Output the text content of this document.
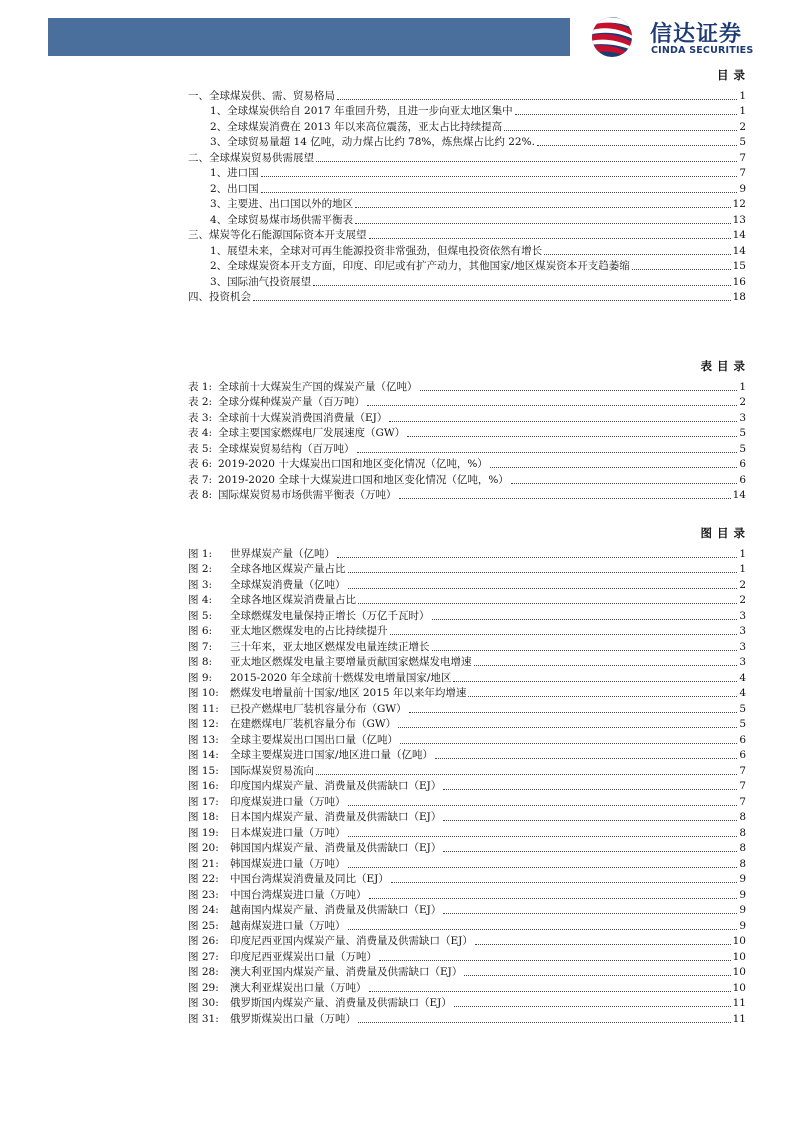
信达证券
CINDA SECURITIES
目录
一、全球煤炭供、需、贸易格局	1
1、全球煤炭供给自 2017 年重回升势，且进一步向亚太地区集中	1
2、全球煤炭消费在 2013 年以来高位震荡，亚太占比持续提高	2
3、全球贸易量超 14 亿吨，动力煤占比约 78%，炼焦煤占比约 22%.	5
二、全球煤炭贸易供需展望	7
1、进口国	7
2、出口国	9
3、主要进、出口国以外的地区	12
4、全球贸易煤市场供需平衡表	13
三、煤炭等化石能源国际资本开支展望	14
1、展望未来，全球对可再生能源投资非常强劲，但煤电投资依然有增长	14
2、全球煤炭资本开支方面，印度、印尼或有扩产动力，其他国家/地区煤炭资本开支趋萎缩	15
3、国际油气投资展望	16
四、投资机会	18
表目录
表 1: 全球前十大煤炭生产国的煤炭产量（亿吨）	1
表 2: 全球分煤种煤炭产量（百万吨）	2
表 3: 全球前十大煤炭消费国消费量（EJ）	3
表 4: 全球主要国家燃煤电厂发展速度（GW）	5
表 5: 全球煤炭贸易结构（百万吨）	5
表 6: 2019-2020 十大煤炭出口国和地区变化情况（亿吨，%）	6
表 7: 2019-2020 全球十大煤炭进口国和地区变化情况（亿吨，%）	6
表 8: 国际煤炭贸易市场供需平衡表（万吨）	14
图目录
图 1: 世界煤炭产量（亿吨）	1
图 2: 全球各地区煤炭产量占比	1
图 3: 全球煤炭消费量（亿吨）	2
图 4: 全球各地区煤炭消费量占比	2
图 5: 全球燃煤发电量保持正增长（万亿千瓦时）	3
图 6: 亚太地区燃煤发电的占比持续提升	3
图 7: 三十年来，亚太地区燃煤发电量连续正增长	3
图 8: 亚太地区燃煤发电量主要增量贡献国家燃煤发电增速	3
图 9: 2015-2020 年全球前十燃煤发电增量国家/地区	4
图 10: 燃煤发电增量前十国家/地区 2015 年以来年均增速	4
图 11: 已投产燃煤电厂装机容量分布（GW）	5
图 12: 在建燃煤电厂装机容量分布（GW）	5
图 13: 全球主要煤炭出口国出口量（亿吨）	6
图 14: 全球主要煤炭进口国家/地区进口量（亿吨）	6
图 15: 国际煤炭贸易流向	7
图 16: 印度国内煤炭产量、消费量及供需缺口（EJ）	7
图 17: 印度煤炭进口量（万吨）	7
图 18: 日本国内煤炭产量、消费量及供需缺口（EJ）	8
图 19: 日本煤炭进口量（万吨）	8
图 20: 韩国国内煤炭产量、消费量及供需缺口（EJ）	8
图 21: 韩国煤炭进口量（万吨）	8
图 22: 中国台湾煤炭消费量及同比（EJ）	9
图 23: 中国台湾煤炭进口量（万吨）	9
图 24: 越南国内煤炭产量、消费量及供需缺口（EJ）	9
图 25: 越南煤炭进口量（万吨）	9
图 26: 印度尼西亚国内煤炭产量、消费量及供需缺口（EJ）	10
图 27: 印度尼西亚煤炭出口量（万吨）	10
图 28: 澳大利亚国内煤炭产量、消费量及供需缺口（EJ）	10
图 29: 澳大利亚煤炭出口量（万吨）	10
图 30: 俄罗斯国内煤炭产量、消费量及供需缺口（EJ）	11
图 31: 俄罗斯煤炭出口量（万吨）	11
